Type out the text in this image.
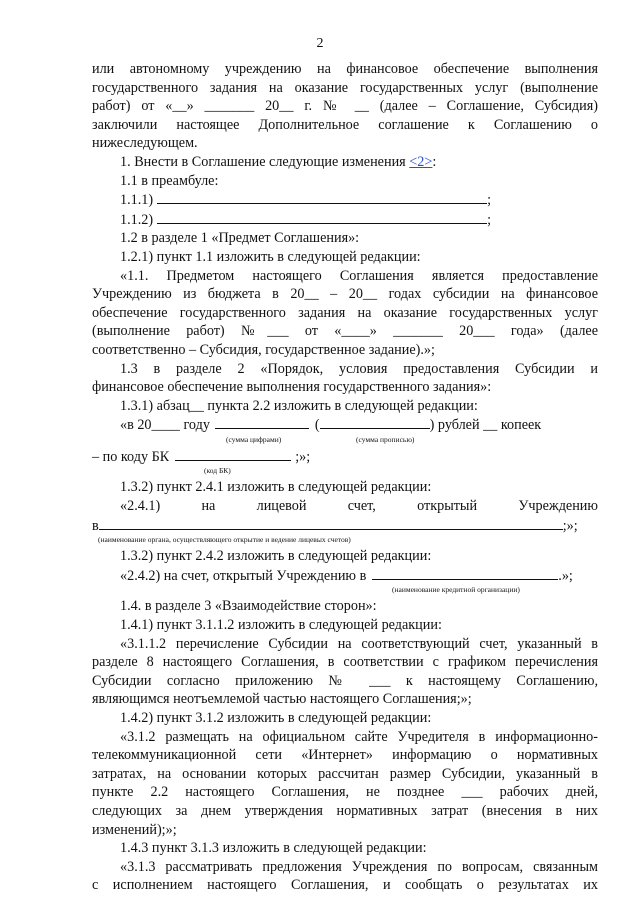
2

или автономному учреждению на финансовое обеспечение выполнения

государственного задания на оказание государственных услуг (выполнение

работ) от «__» _______ 20__ г. № __ (далее – Соглашение, Субсидия)

заключили настоящее Дополнительное соглашение к Соглашению о

нижеследующем.

1. Внести в Соглашение следующие изменения <2>:

1.1 в преамбуле:

1.1.1)	;
1.1.2)	;

1.2 в разделе 1 «Предмет Соглашения»:

1.2.1) пункт 1.1 изложить в следующей редакции:

«1.1. Предметом настоящего Соглашения является предоставление

Учреждению из бюджета в 20__ – 20__ годах субсидии на финансовое

обеспечение государственного задания на оказание государственных услуг

(выполнение работ) №___ от «____» _______ 20___ года» (далее

соответственно – Субсидия, государственное задание).»;

1.3 в разделе 2 «Порядок, условия предоставления Субсидии и

финансовое обеспечение выполнения государственного задания»:

1.3.1) абзац__ пункта 2.2 изложить в следующей редакции:

«в 20____ году	(	) рублей __ копеек
(сумма цифрами)	(сумма прописью)
– по коду БК	;»;
(код БК)

1.3.2) пункт 2.4.1 изложить в следующей редакции:

«2.4.1) на лицевой счет, открытый Учреждению

в	;»;
(наименование органа, осуществляющего открытие и ведение лицевых счетов)

1.3.2) пункт 2.4.2 изложить в следующей редакции:

«2.4.2) на счет, открытый Учреждению в	.»;
(наименование кредитной организации)

1.4. в разделе 3 «Взаимодействие сторон»:

1.4.1) пункт 3.1.1.2 изложить в следующей редакции:

«3.1.1.2 перечисление Субсидии на соответствующий счет, указанный в

разделе 8 настоящего Соглашения, в соответствии с графиком перечисления

Субсидии согласно приложению № ___ к настоящему Соглашению,

являющимся неотъемлемой частью настоящего Соглашения;»;

1.4.2) пункт 3.1.2 изложить в следующей редакции:

«3.1.2 размещать на официальном сайте Учредителя в информационно-

телекоммуникационной сети «Интернет» информацию о нормативных

затратах, на основании которых рассчитан размер Субсидии, указанный в

пункте 2.2 настоящего Соглашения, не позднее ___ рабочих дней,

следующих за днем утверждения нормативных затрат (внесения в них

изменений);»;

1.4.3 пункт 3.1.3 изложить в следующей редакции:

«3.1.3 рассматривать предложения Учреждения по вопросам, связанным

с исполнением настоящего Соглашения, и сообщать о результатах их
